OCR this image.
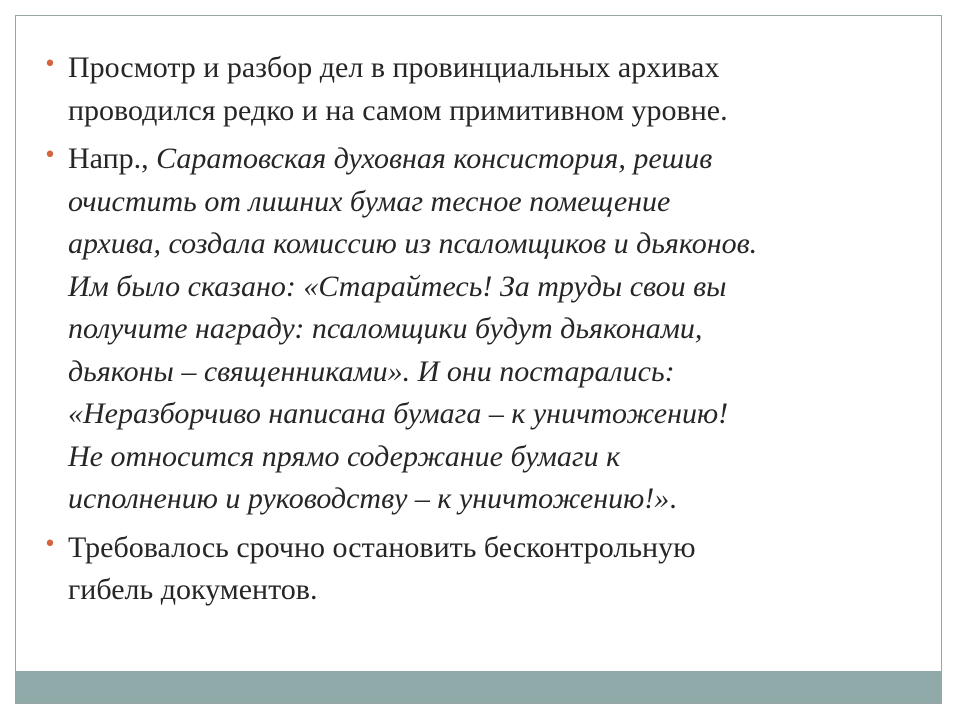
• Просмотр и разбор дел в провинциальных архивах
проводился редко и на самом примитивном уровне.
• Напр., Саратовская духовная консистория, решив
очистить от лишних бумаг тесное помещение
архива, создала комиссию из псаломщиков и дьяконов.
Им было сказано: «Старайтесь! За труды свои вы
получите награду: псаломщики будут дьяконами,
дьяконы – священниками». И они постарались:
«Неразборчиво написана бумага – к уничтожению!
Не относится прямо содержание бумаги к
исполнению и руководству – к уничтожению!».
• Требовалось срочно остановить бесконтрольную
гибель документов.
